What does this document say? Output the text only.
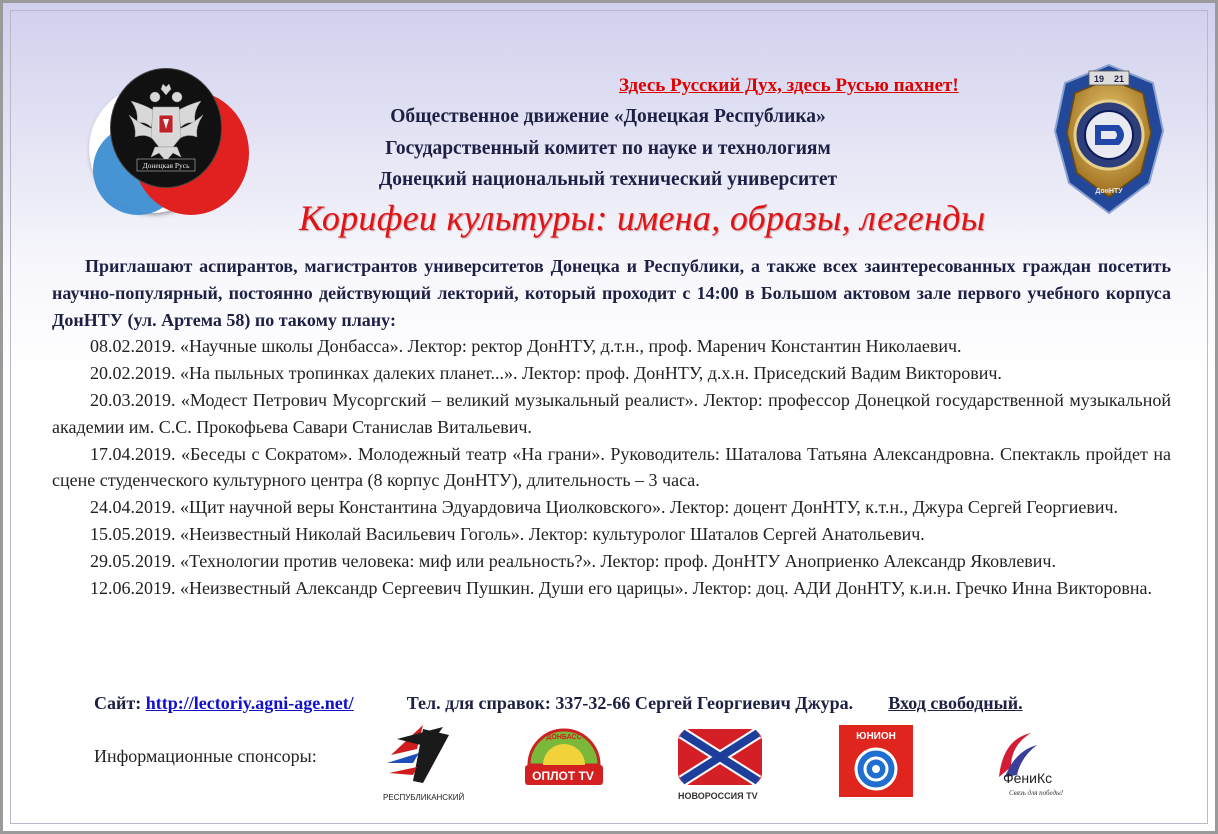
Донецкая Русь
19 21
ДонНТУ
Здесь Русский Дух, здесь Русью пахнет!
Общественное движение «Донецкая Республика»
Государственный комитет по науке и технологиям
Донецкий национальный технический университет
Корифеи культуры: имена, образы, легенды

Приглашают аспирантов, магистрантов университетов Донецка и Республики, а также всех заинтересованных граждан посетить научно-популярный, постоянно действующий лекторий, который проходит с 14:00 в Большом актовом зале первого учебного корпуса ДонНТУ (ул. Артема 58) по такому плану:

08.02.2019. «Научные школы Донбасса». Лектор: ректор ДонНТУ, д.т.н., проф. Маренич Константин Николаевич.

20.02.2019. «На пыльных тропинках далеких планет...». Лектор: проф. ДонНТУ, д.х.н. Приседский Вадим Викторович.

20.03.2019. «Модест Петрович Мусоргский – великий музыкальный реалист». Лектор: профессор Донецкой государственной музыкальной академии им. С.С. Прокофьева Савари Станислав Витальевич.

17.04.2019. «Беседы с Сократом». Молодежный театр «На грани». Руководитель: Шаталова Татьяна Александровна. Спектакль пройдет на сцене студенческого культурного центра (8 корпус ДонНТУ), длительность – 3 часа.

24.04.2019. «Щит научной веры Константина Эдуардовича Циолковского». Лектор: доцент ДонНТУ, к.т.н., Джура Сергей Георгиевич.

15.05.2019. «Неизвестный Николай Васильевич Гоголь». Лектор: культуролог Шаталов Сергей Анатольевич.

29.05.2019. «Технологии против человека: миф или реальность?». Лектор: проф. ДонНТУ Аноприенко Александр Яковлевич.

12.06.2019. «Неизвестный Александр Сергеевич Пушкин. Души его царицы». Лектор: доц. АДИ ДонНТУ, к.и.н. Гречко Инна Викторовна.

Сайт: http://lectoriy.agni-age.net/	Тел. для справок: 337-32-66 Сергей Георгиевич Джура. Вход свободный.
Информационные спонсоры:
РЕСПУБЛИКАНСКИЙ
ДОНБАСС
ОПЛОТ TV
НОВОРОССИЯ TV
ЮНИОН
ФениКс
Связь для победы!
